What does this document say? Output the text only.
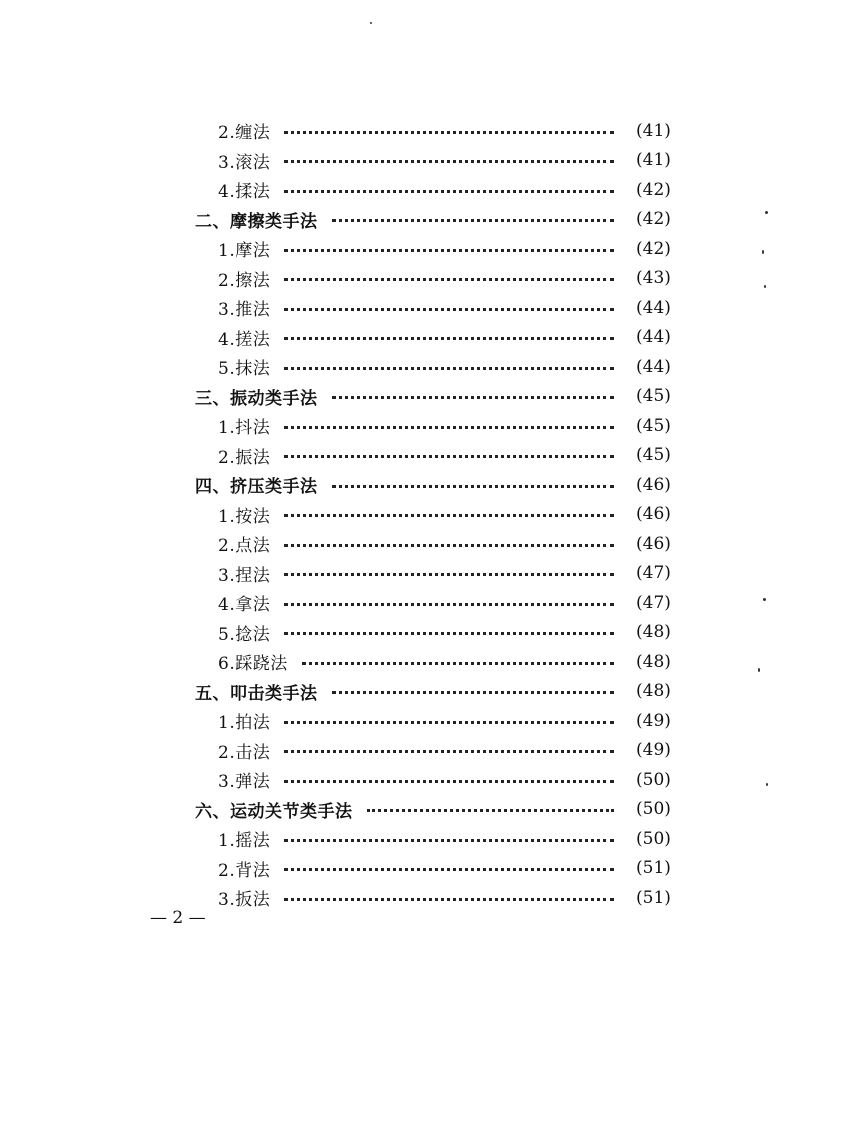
2.缠法	(41)
3.滚法	(41)
4.揉法	(42)
二、摩擦类手法	(42)
1.摩法	(42)
2.擦法	(43)
3.推法	(44)
4.搓法	(44)
5.抹法	(44)
三、振动类手法	(45)
1.抖法	(45)
2.振法	(45)
四、挤压类手法	(46)
1.按法	(46)
2.点法	(46)
3.捏法	(47)
4.拿法	(47)
5.捻法	(48)
6.踩跷法	(48)
五、叩击类手法	(48)
1.拍法	(49)
2.击法	(49)
3.弹法	(50)
六、运动关节类手法	(50)
1.摇法	(50)
2.背法	(51)
3.扳法	(51)
— 2 —
